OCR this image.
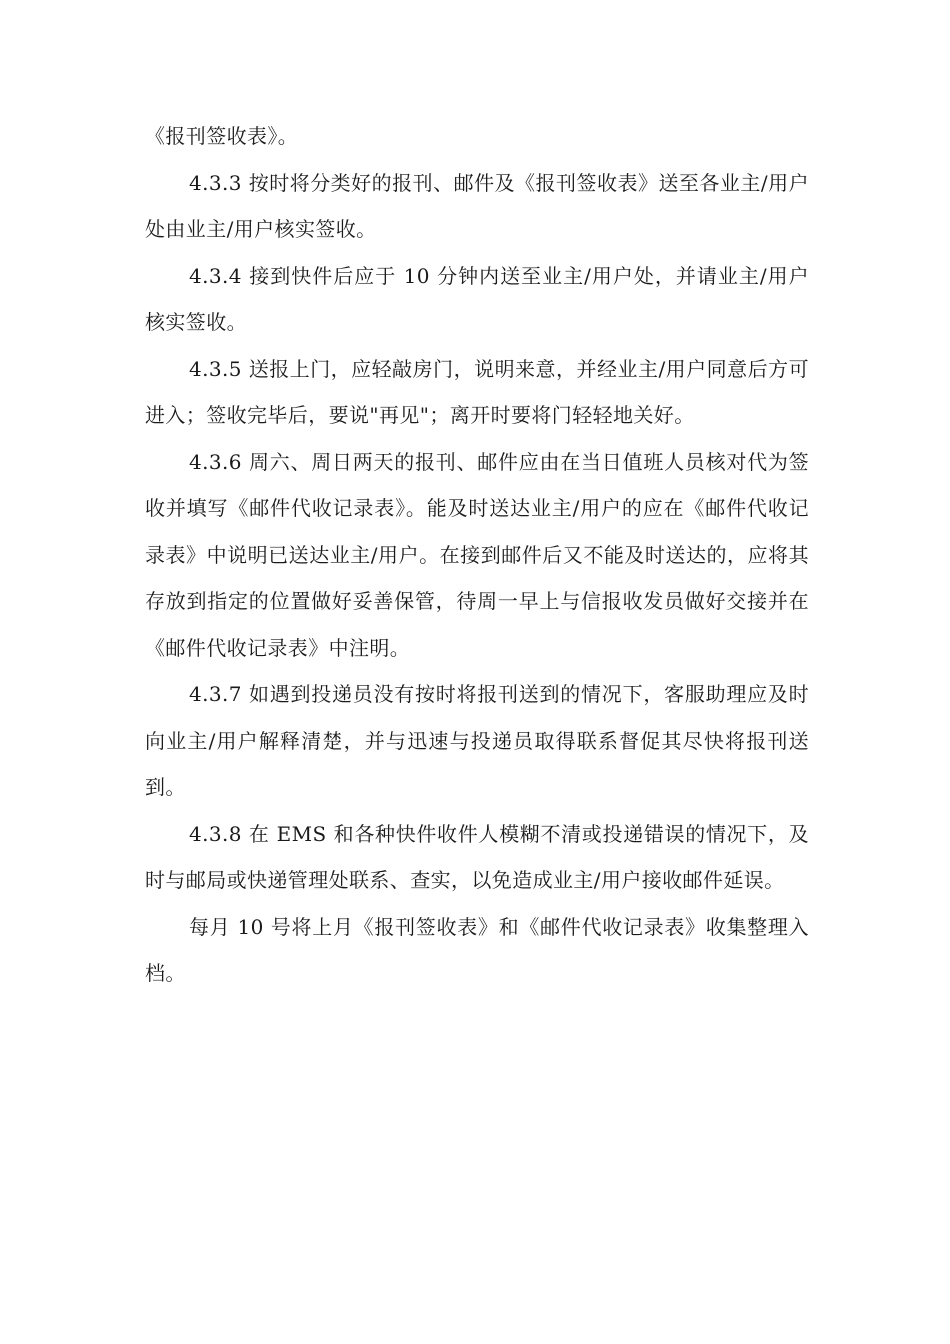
《报刊签收表》。

4.3.3 按时将分类好的报刊、邮件及《报刊签收表》送至各业主/用户处由业主/用户核实签收。

4.3.4 接到快件后应于 10 分钟内送至业主/用户处，并请业主/用户核实签收。

4.3.5 送报上门，应轻敲房门，说明来意，并经业主/用户同意后方可进入；签收完毕后，要说"再见"；离开时要将门轻轻地关好。

4.3.6 周六、周日两天的报刊、邮件应由在当日值班人员核对代为签收并填写《邮件代收记录表》。能及时送达业主/用户的应在《邮件代收记录表》中说明已送达业主/用户。在接到邮件后又不能及时送达的，应将其存放到指定的位置做好妥善保管，待周一早上与信报收发员做好交接并在《邮件代收记录表》中注明。

4.3.7 如遇到投递员没有按时将报刊送到的情况下，客服助理应及时向业主/用户解释清楚，并与迅速与投递员取得联系督促其尽快将报刊送到。

4.3.8 在 EMS 和各种快件收件人模糊不清或投递错误的情况下，及时与邮局或快递管理处联系、查实，以免造成业主/用户接收邮件延误。

每月 10 号将上月《报刊签收表》和《邮件代收记录表》收集整理入档。
